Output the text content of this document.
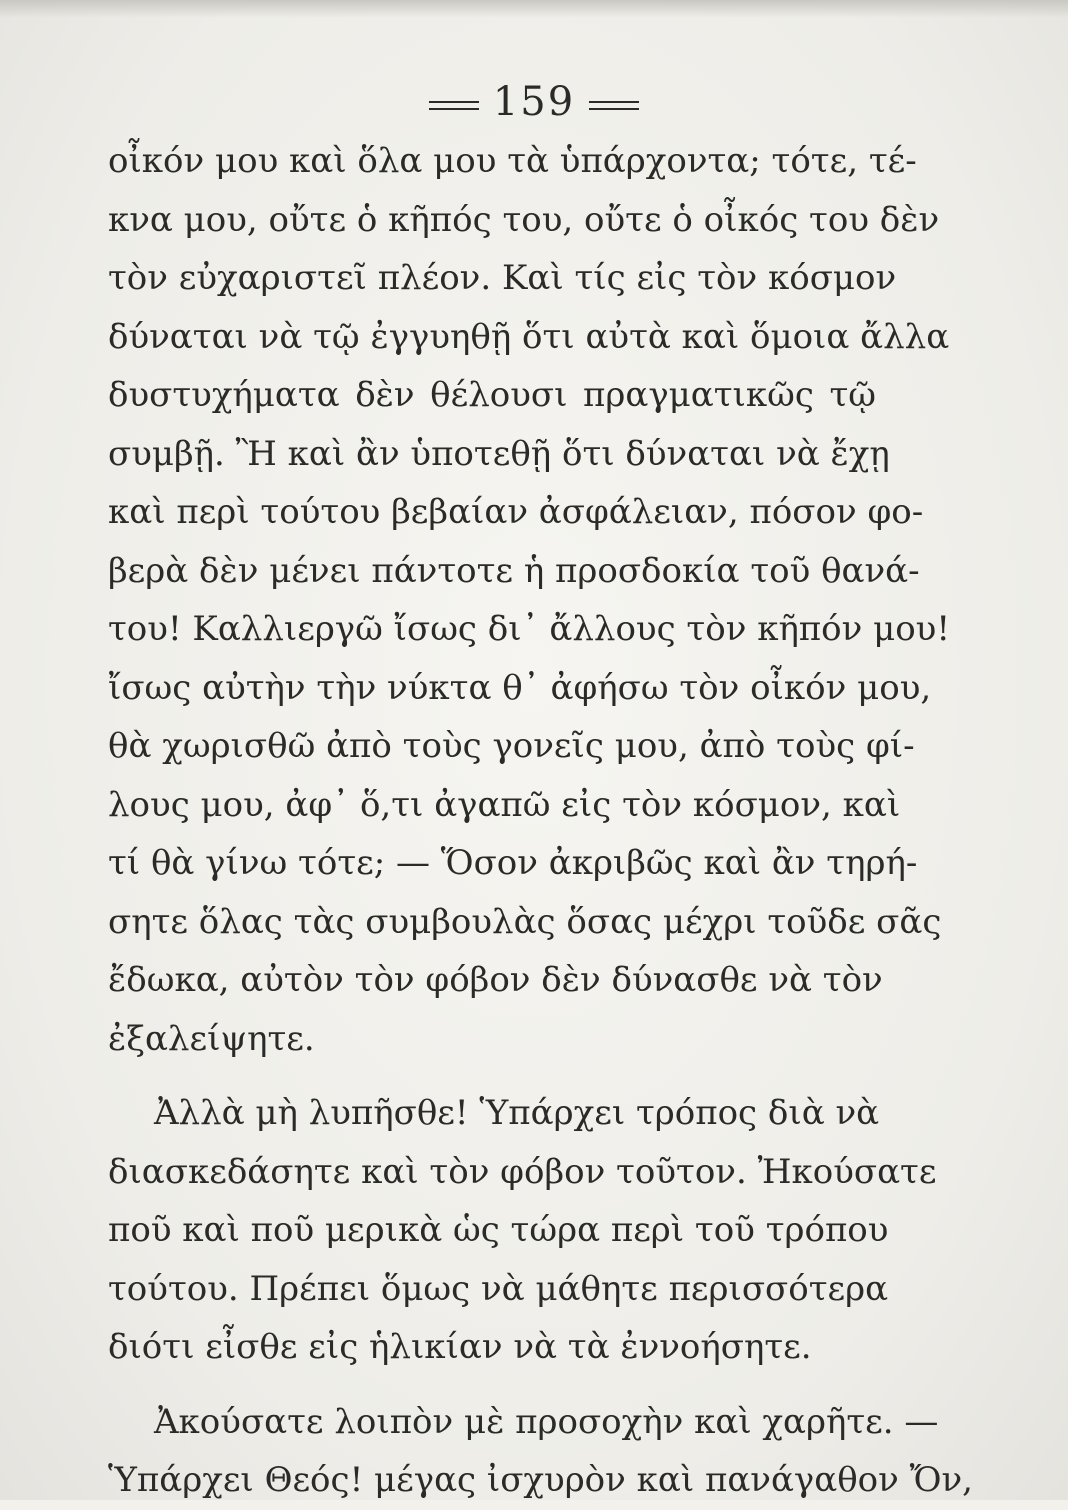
159
οἶκόν μου καὶ ὅλα μου τὰ ὑπάρχοντα; τότε, τέ-
κνα μου, οὔτε ὁ κῆπός του, οὔτε ὁ οἶκός του δὲν
τὸν εὐχαριστεῖ πλέον. Καὶ τίς εἰς τὸν κόσμον
δύναται νὰ τῷ ἐγγυηθῇ ὅτι αὐτὰ καὶ ὅμοια ἄλλα
δυστυχήματα δὲν θέλουσι πραγματικῶς τῷ
συμβῇ. Ἢ καὶ ἂν ὑποτεθῇ ὅτι δύναται νὰ ἔχῃ
καὶ περὶ τούτου βεβαίαν ἀσφάλειαν, πόσον φο-
βερὰ δὲν μένει πάντοτε ἡ προσδοκία τοῦ θανά-
του! Καλλιεργῶ ἴσως δι᾽ ἄλλους τὸν κῆπόν μου!
ἴσως αὐτὴν τὴν νύκτα θ᾽ ἀφήσω τὸν οἶκόν μου,
θὰ χωρισθῶ ἀπὸ τοὺς γονεῖς μου, ἀπὸ τοὺς φί-
λους μου, ἀφ᾽ ὅ,τι ἀγαπῶ εἰς τὸν κόσμον, καὶ
τί θὰ γίνω τότε; — Ὅσον ἀκριβῶς καὶ ἂν τηρή-
σητε ὅλας τὰς συμβουλὰς ὅσας μέχρι τοῦδε σᾶς
ἔδωκα, αὐτὸν τὸν φόβον δὲν δύνασθε νὰ τὸν
ἐξαλείψητε.
Ἀλλὰ μὴ λυπῆσθε! Ὑπάρχει τρόπος διὰ νὰ
διασκεδάσητε καὶ τὸν φόβον τοῦτον. Ἠκούσατε
ποῦ καὶ ποῦ μερικὰ ὡς τώρα περὶ τοῦ τρόπου
τούτου. Πρέπει ὅμως νὰ μάθητε περισσότερα
διότι εἶσθε εἰς ἡλικίαν νὰ τὰ ἐννοήσητε.
Ἀκούσατε λοιπὸν μὲ προσοχὴν καὶ χαρῆτε. —
Ὑπάρχει Θεός! μέγας ἰσχυρὸν καὶ πανάγαθον Ὄν,
